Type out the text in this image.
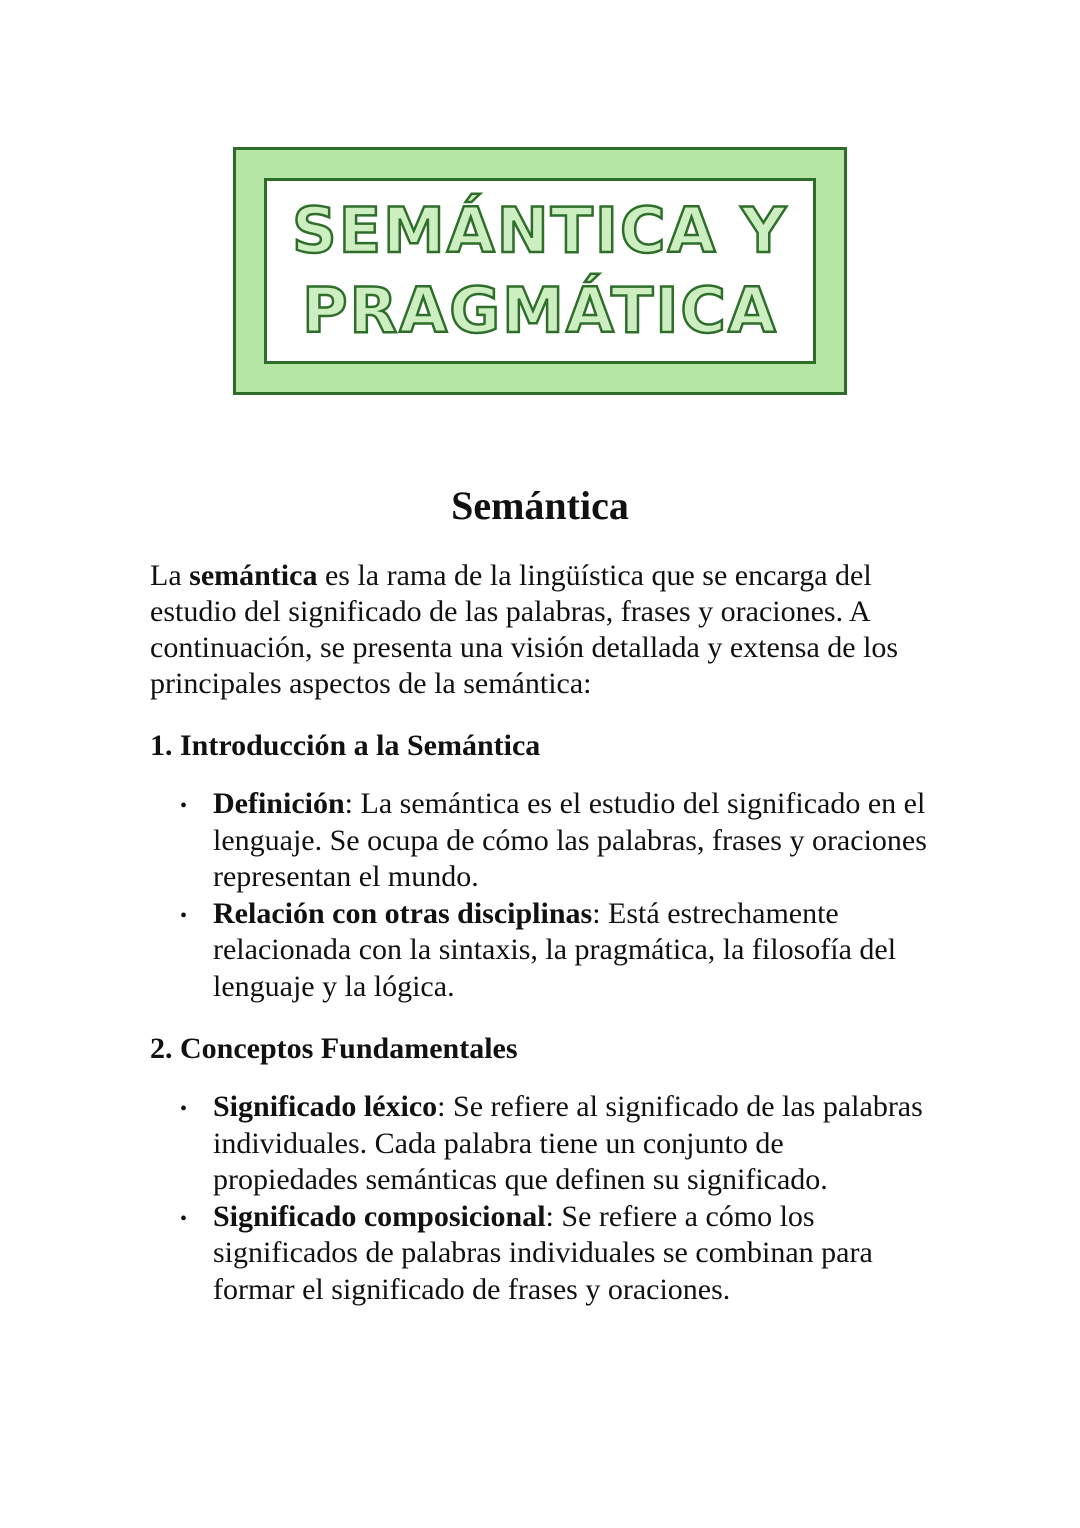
SEMÁNTICA Y
PRAGMÁTICA
Semántica

La semántica es la rama de la lingüística que se encarga del estudio del significado de las palabras, frases y oraciones. A continuación, se presenta una visión detallada y extensa de los principales aspectos de la semántica:

1. Introducción a la Semántica
• Definición: La semántica es el estudio del significado en el lenguaje. Se ocupa de cómo las palabras, frases y oraciones representan el mundo.
• Relación con otras disciplinas: Está estrechamente relacionada con la sintaxis, la pragmática, la filosofía del lenguaje y la lógica.
2. Conceptos Fundamentales
• Significado léxico: Se refiere al significado de las palabras individuales. Cada palabra tiene un conjunto de propiedades semánticas que definen su significado.
• Significado composicional: Se refiere a cómo los significados de palabras individuales se combinan para formar el significado de frases y oraciones.
